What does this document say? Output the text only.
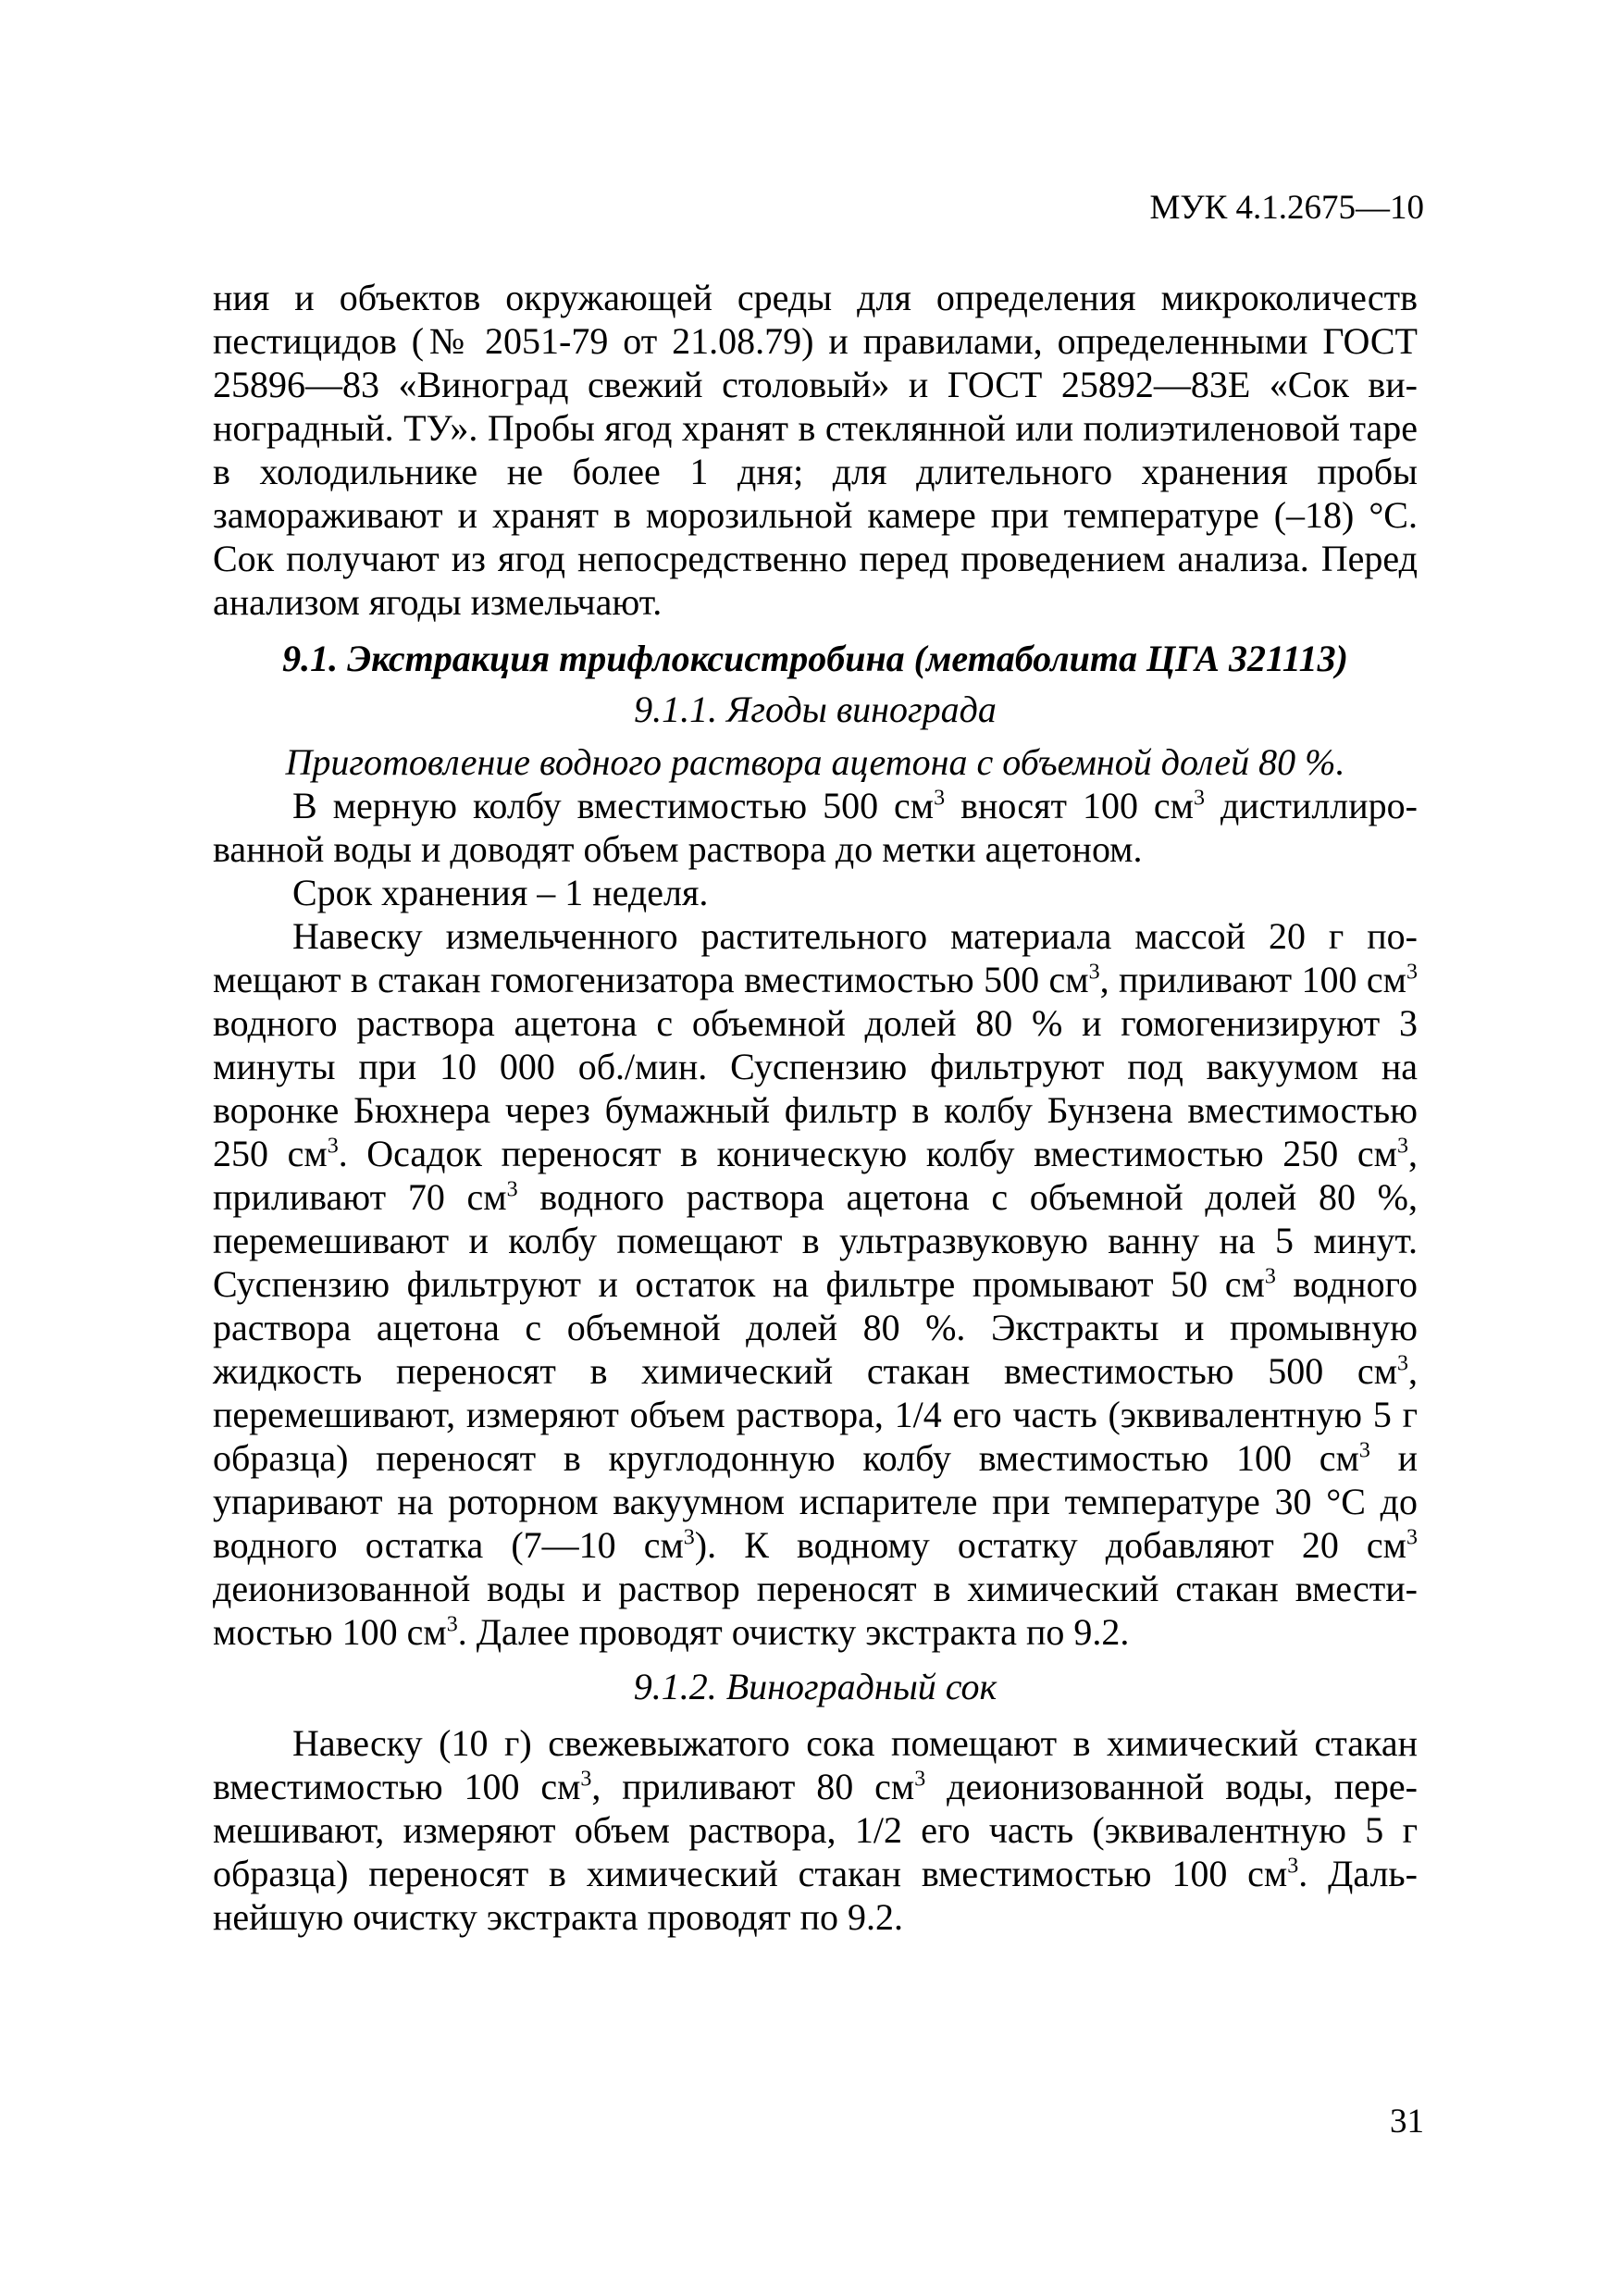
МУК 4.1.2675—10

ния и объектов окружающей среды для определения микроколичеств пестицидов (№ 2051-79 от 21.08.79) и правилами, определенными ГОСТ 25896—83 «Виноград свежий столовый» и ГОСТ 25892—83Е «Сок виноградный. ТУ». Пробы ягод хранят в стеклянной или полиэтиленовой таре в холодильнике не более 1 дня; для длительного хранения пробы замораживают и хранят в морозильной камере при температуре (–18) °С. Сок получают из ягод непосредственно перед проведением анализа. Перед анализом ягоды измельчают.

9.1. Экстракция трифлоксистробина (метаболита ЦГА 321113)

9.1.1. Ягоды винограда

Приготовление водного раствора ацетона с объемной долей 80 %.

В мерную колбу вместимостью 500 $см^3$ вносят 100 $см^3$ дистиллированной воды и доводят объем раствора до метки ацетоном.

Срок хранения – 1 неделя.

Навеску измельченного растительного материала массой 20 г помещают в стакан гомогенизатора вместимостью 500 $см^3$, приливают 100 $см^3$ водного раствора ацетона с объемной долей 80 % и гомогенизируют 3 минуты при 10 000 об./мин. Суспензию фильтруют под вакуумом на воронке Бюхнера через бумажный фильтр в колбу Бунзена вместимостью 250 $см^3$. Осадок переносят в коническую колбу вместимостью 250 $см^3$, приливают 70 $см^3$ водного раствора ацетона с объемной долей 80 %, перемешивают и колбу помещают в ультразвуковую ванну на 5 минут. Суспензию фильтруют и остаток на фильтре промывают 50 $см^3$ водного раствора ацетона с объемной долей 80 %. Экстракты и промывную жидкость переносят в химический стакан вместимостью 500 $см^3$, перемешивают, измеряют объем раствора, 1/4 его часть (эквивалентную 5 г образца) переносят в круглодонную колбу вместимостью 100 $см^3$ и упаривают на роторном вакуумном испарителе при температуре 30 °С до водного остатка (7—10 $см^3$). К водному остатку добавляют 20 $см^3$ деионизованной воды и раствор переносят в химический стакан вместимостью 100 $см^3$. Далее проводят очистку экстракта по 9.2.

9.1.2. Виноградный сок

Навеску (10 г) свежевыжатого сока помещают в химический стакан вместимостью 100 $см^3$, приливают 80 $см^3$ деионизованной воды, перемешивают, измеряют объем раствора, 1/2 его часть (эквивалентную 5 г образца) переносят в химический стакан вместимостью 100 $см^3$. Дальнейшую очистку экстракта проводят по 9.2.

31
